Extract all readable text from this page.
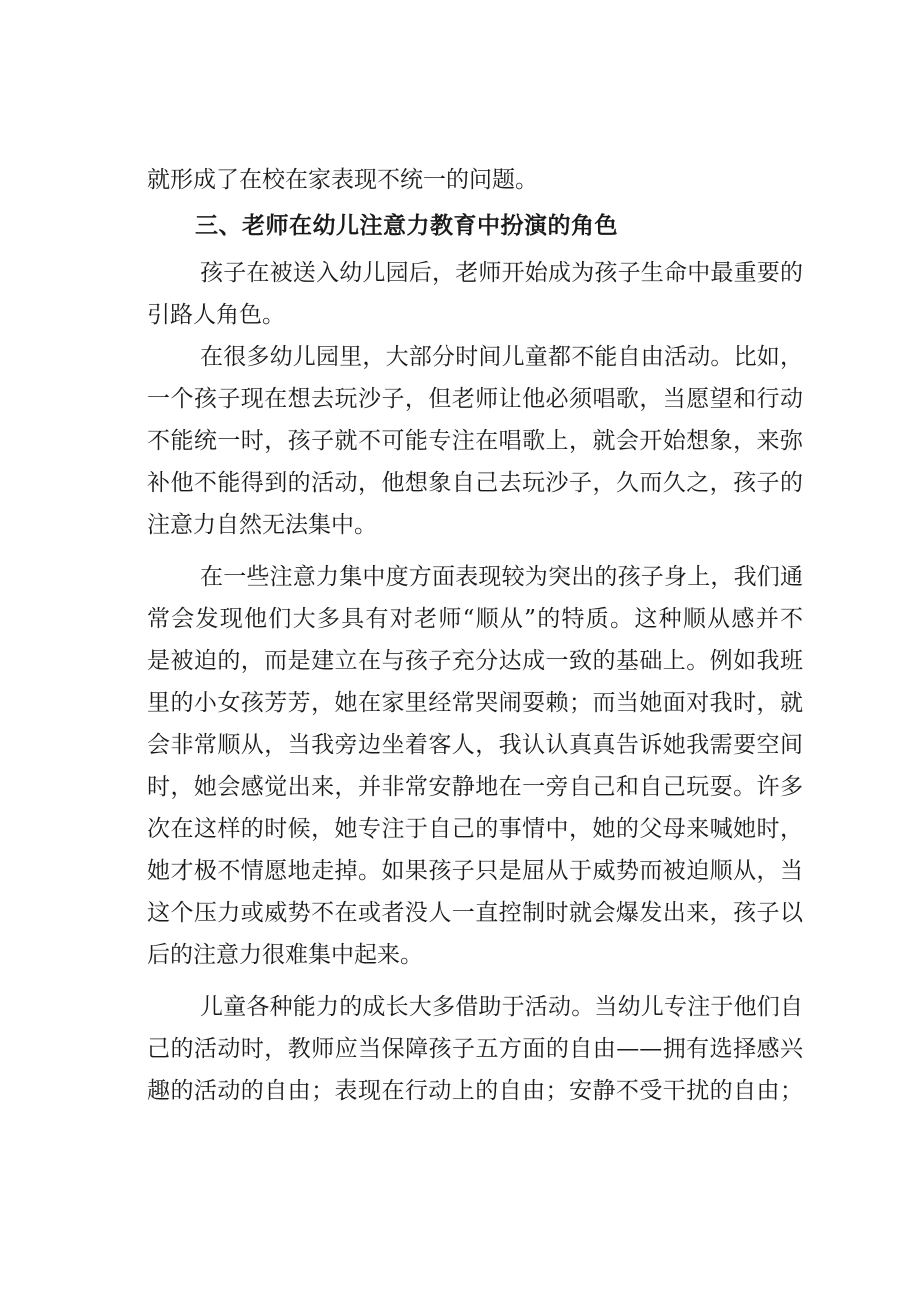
就形成了在校在家表现不统一的问题。
三、老师在幼儿注意力教育中扮演的角色
孩子在被送入幼儿园后，老师开始成为孩子生命中最重要的
引路人角色。
在很多幼儿园里，大部分时间儿童都不能自由活动。比如，
一个孩子现在想去玩沙子，但老师让他必须唱歌，当愿望和行动
不能统一时，孩子就不可能专注在唱歌上，就会开始想象，来弥
补他不能得到的活动，他想象自己去玩沙子，久而久之，孩子的
注意力自然无法集中。
在一些注意力集中度方面表现较为突出的孩子身上，我们通
常会发现他们大多具有对老师“顺从”的特质。这种顺从感并不
是被迫的，而是建立在与孩子充分达成一致的基础上。例如我班
里的小女孩芳芳，她在家里经常哭闹耍赖；而当她面对我时，就
会非常顺从，当我旁边坐着客人，我认认真真告诉她我需要空间
时，她会感觉出来，并非常安静地在一旁自己和自己玩耍。许多
次在这样的时候，她专注于自己的事情中，她的父母来喊她时，
她才极不情愿地走掉。如果孩子只是屈从于威势而被迫顺从，当
这个压力或威势不在或者没人一直控制时就会爆发出来，孩子以
后的注意力很难集中起来。
儿童各种能力的成长大多借助于活动。当幼儿专注于他们自
己的活动时，教师应当保障孩子五方面的自由——拥有选择感兴
趣的活动的自由；表现在行动上的自由；安静不受干扰的自由；
